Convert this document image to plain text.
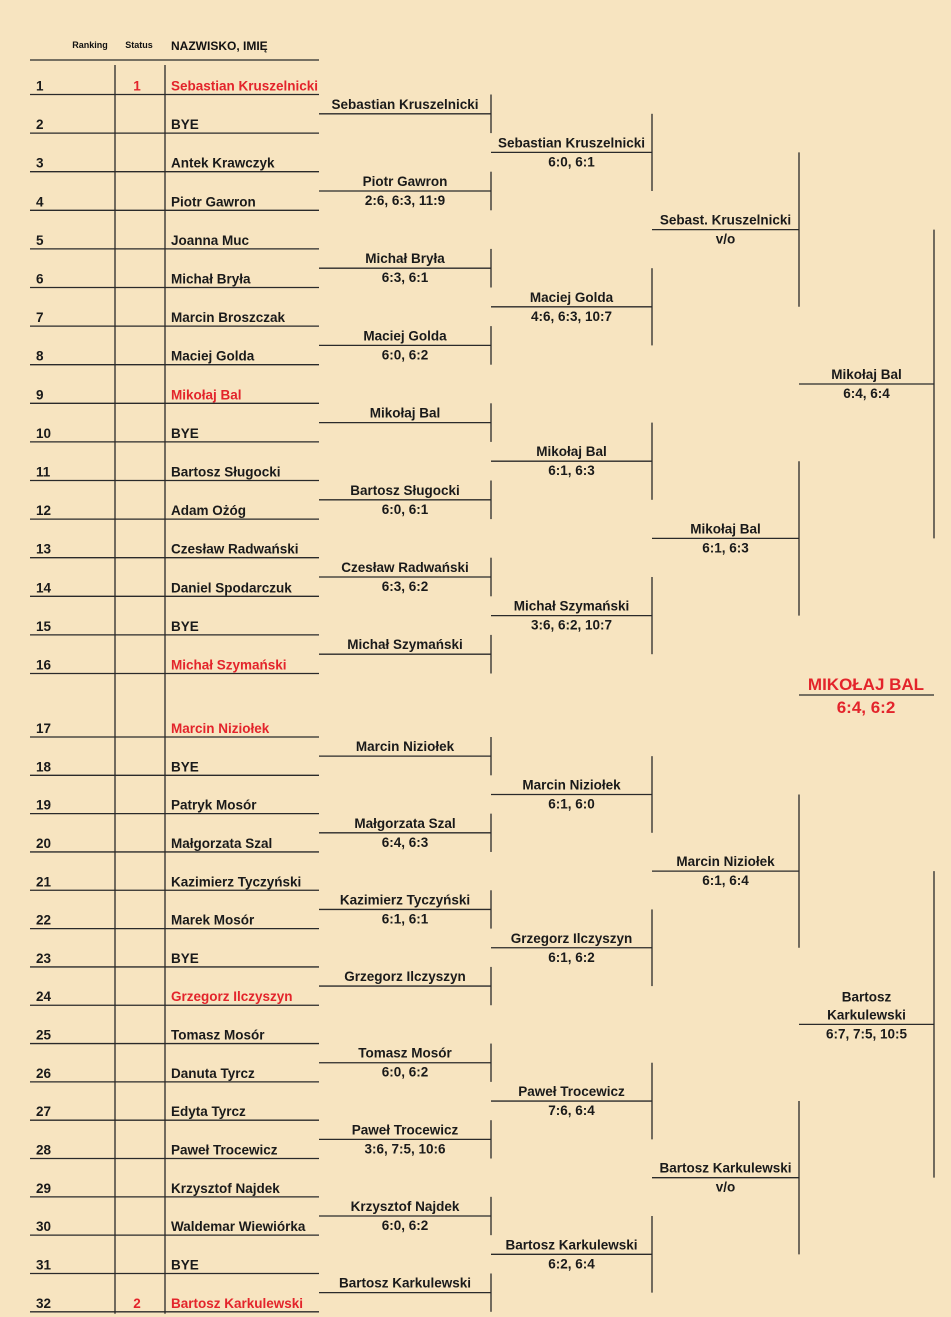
Ranking Status NAZWISKO, IMIĘ
1	1 Sebastian Kruszelnicki
2	BYE
3	Antek Krawczyk
4	Piotr Gawron
5	Joanna Muc
6	Michał Bryła
7	Marcin Broszczak
8	Maciej Golda
9	Mikołaj Bal
10	BYE
11	Bartosz Sługocki
12	Adam Ożóg
13	Czesław Radwański
14	Daniel Spodarczuk
15	BYE
16	Michał Szymański
17	Marcin Niziołek
18	BYE
19	Patryk Mosór
20	Małgorzata Szal
21	Kazimierz Tyczyński
22	Marek Mosór
23	BYE
24	Grzegorz Ilczyszyn
25	Tomasz Mosór
26	Danuta Tyrcz
27	Edyta Tyrcz
28	Paweł Trocewicz
29	Krzysztof Najdek
30	Waldemar Wiewiórka
31	BYE
32	2 Bartosz Karkulewski
Sebastian Kruszelnicki
Piotr Gawron
2:6, 6:3, 11:9
Michał Bryła
6:3, 6:1
Maciej Golda
6:0, 6:2
Mikołaj Bal
Bartosz Sługocki
6:0, 6:1
Czesław Radwański
6:3, 6:2
Michał Szymański
Marcin Niziołek
Małgorzata Szal
6:4, 6:3
Kazimierz Tyczyński
6:1, 6:1
Grzegorz Ilczyszyn
Tomasz Mosór
6:0, 6:2
Paweł Trocewicz
3:6, 7:5, 10:6
Krzysztof Najdek
6:0, 6:2
Bartosz Karkulewski
Sebastian Kruszelnicki
6:0, 6:1
Maciej Golda
4:6, 6:3, 10:7
Mikołaj Bal
6:1, 6:3
Michał Szymański
3:6, 6:2, 10:7
Marcin Niziołek
6:1, 6:0
Grzegorz Ilczyszyn
6:1, 6:2
Paweł Trocewicz
7:6, 6:4
Bartosz Karkulewski
6:2, 6:4
Sebast. Kruszelnicki
v/o
Mikołaj Bal
6:1, 6:3
Marcin Niziołek
6:1, 6:4
Bartosz Karkulewski
v/o
Mikołaj Bal
6:4, 6:4
Bartosz
Karkulewski
6:7, 7:5, 10:5
MIKOŁAJ BAL
6:4, 6:2
